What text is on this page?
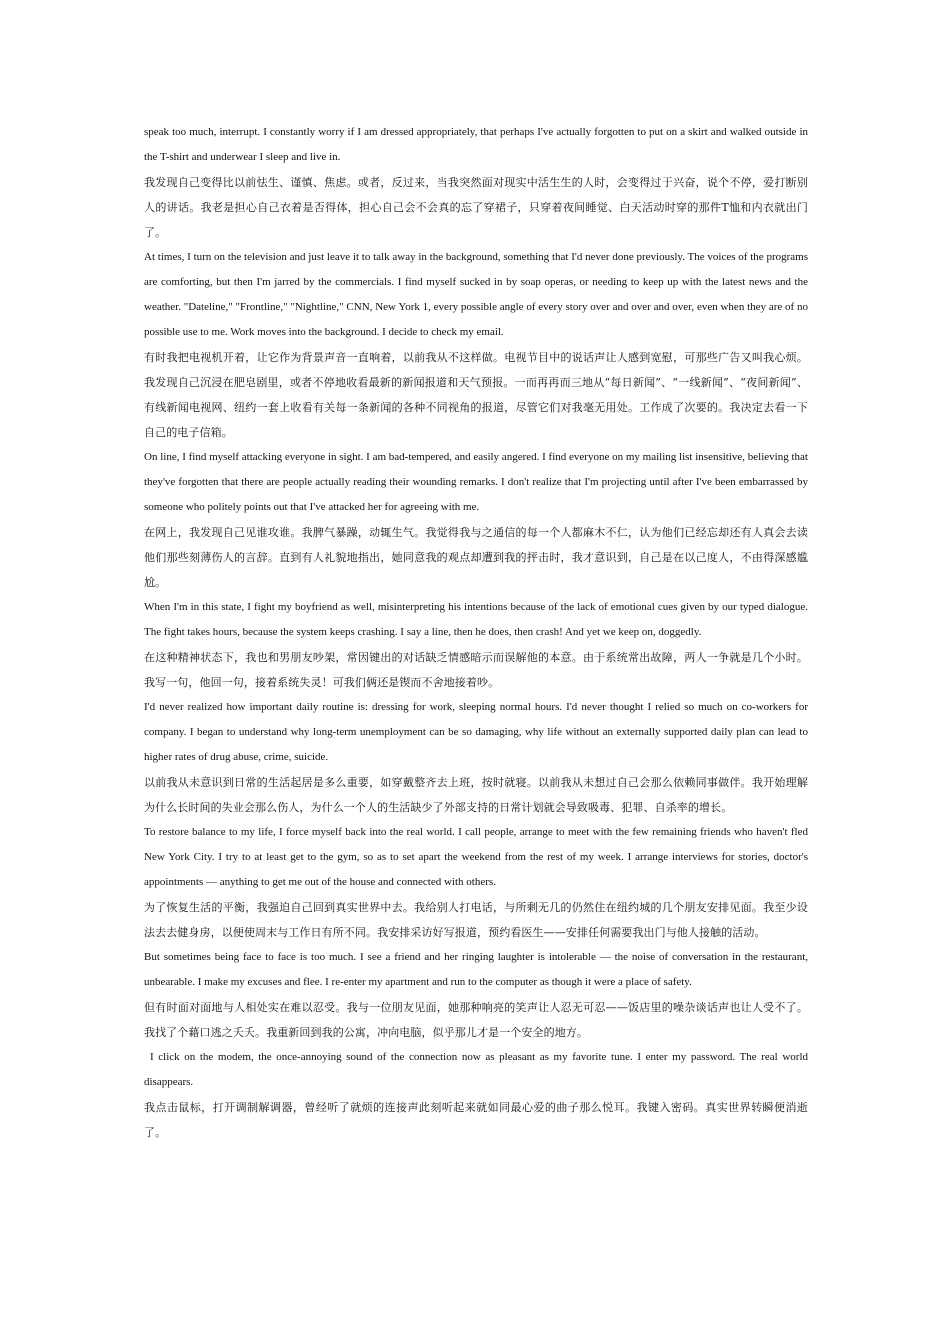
speak too much, interrupt. I constantly worry if I am dressed appropriately, that perhaps I've actually forgotten to put on a skirt and walked outside in the T-shirt and underwear I sleep and live in.

我发现自己变得比以前怯生、谨慎、焦虑。或者，反过来，当我突然面对现实中活生生的人时，会变得过于兴奋，说个不停，爱打断别人的讲话。我老是担心自己衣着是否得体，担心自己会不会真的忘了穿裙子，只穿着夜间睡觉、白天活动时穿的那件T恤和内衣就出门了。

At times, I turn on the television and just leave it to talk away in the background, something that I'd never done previously. The voices of the programs are comforting, but then I'm jarred by the commercials. I find myself sucked in by soap operas, or needing to keep up with the latest news and the weather. "Dateline," "Frontline," "Nightline," CNN, New York 1, every possible angle of every story over and over and over, even when they are of no possible use to me. Work moves into the background. I decide to check my email.

有时我把电视机开着，让它作为背景声音一直响着，以前我从不这样做。电视节目中的说话声让人感到宽慰，可那些广告又叫我心烦。我发现自己沉浸在肥皂剧里，或者不停地收看最新的新闻报道和天气预报。一而再再而三地从“每日新闻”、“一线新闻”、“夜间新闻”、 有线新闻电视网、纽约一套上收看有关每一条新闻的各种不同视角的报道，尽管它们对我毫无用处。工作成了次要的。我决定去看一下自己的电子信箱。

On line, I find myself attacking everyone in sight. I am bad-tempered, and easily angered. I find everyone on my mailing list insensitive, believing that they've forgotten that there are people actually reading their wounding remarks. I don't realize that I'm projecting until after I've been embarrassed by someone who politely points out that I've attacked her for agreeing with me.

在网上，我发现自己见谁攻谁。我脾气暴躁，动辄生气。我觉得我与之通信的每一个人都麻木不仁，认为他们已经忘却还有人真会去读他们那些刻薄伤人的言辞。直到有人礼貌地指出，她同意我的观点却遭到我的抨击时，我才意识到，自己是在以己度人，不由得深感尴尬。

When I'm in this state, I fight my boyfriend as well, misinterpreting his intentions because of the lack of emotional cues given by our typed dialogue. The fight takes hours, because the system keeps crashing. I say a line, then he does, then crash! And yet we keep on, doggedly.

在这种精神状态下，我也和男朋友吵架，常因键出的对话缺乏情感暗示而误解他的本意。由于系统常出故障，两人一争就是几个小时。我写一句，他回一句，接着系统失灵！可我们俩还是锲而不舍地接着吵。

I'd never realized how important daily routine is: dressing for work, sleeping normal hours. I'd never thought I relied so much on co-workers for company. I began to understand why long-term unemployment can be so damaging, why life without an externally supported daily plan can lead to higher rates of drug abuse, crime, suicide.

以前我从未意识到日常的生活起居是多么重要，如穿戴整齐去上班，按时就寝。以前我从未想过自己会那么依赖同事做伴。我开始理解为什么长时间的失业会那么伤人，为什么一个人的生活缺少了外部支持的日常计划就会导致吸毒、犯罪、自杀率的增长。

To restore balance to my life, I force myself back into the real world. I call people, arrange to meet with the few remaining friends who haven't fled New York City. I try to at least get to the gym, so as to set apart the weekend from the rest of my week. I arrange interviews for stories, doctor's appointments — anything to get me out of the house and connected with others.

为了恢复生活的平衡，我强迫自己回到真实世界中去。我给别人打电话，与所剩无几的仍然住在纽约城的几个朋友安排见面。我至少设法去去健身房，以便使周末与工作日有所不同。我安排采访好写报道，预约看医生——安排任何需要我出门与他人接触的活动。

But sometimes being face to face is too much. I see a friend and her ringing laughter is intolerable — the noise of conversation in the restaurant, unbearable. I make my excuses and flee. I re-enter my apartment and run to the computer as though it were a place of safety.

但有时面对面地与人相处实在难以忍受。我与一位朋友见面，她那种响亮的笑声让人忍无可忍——饭店里的噪杂谈话声也让人受不了。我找了个藉口逃之夭夭。我重新回到我的公寓，冲向电脑，似乎那儿才是一个安全的地方。

I click on the modem, the once-annoying sound of the connection now as pleasant as my favorite tune. I enter my password. The real world disappears.

我点击鼠标，打开调制解调器，曾经听了就烦的连接声此刻听起来就如同最心爱的曲子那么悦耳。我键入密码。真实世界转瞬便消逝了。
